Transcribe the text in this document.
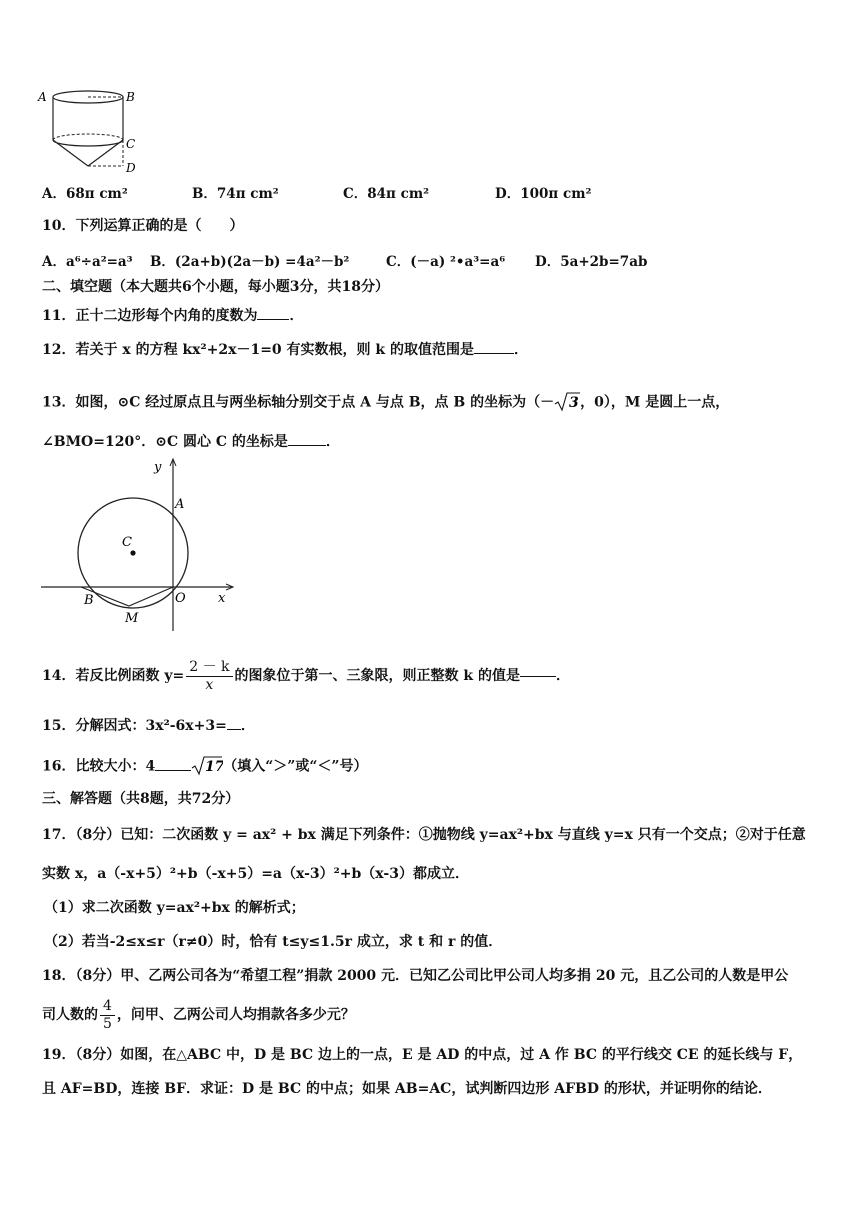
A	B
C
D
A．68π cm²	B．74π cm²	C．84π cm²	D．100π cm²
10．下列运算正确的是（　　）
A．a⁶÷a²=a³ B．(2a+b)(2a－b) =4a²－b²	C．(－a) ²•a³=a⁶ D．5a+2b=7ab
二、填空题（本大题共6个小题，每小题3分，共18分）
11．正十二边形每个内角的度数为 ．
12．若关于 x 的方程 kx²+2x－1=0 有实数根，则 k 的取值范围是	．
13．如图，⊙C 经过原点且与两坐标轴分别交于点 A 与点 B，点 B 的坐标为（－ 3 ，0），M 是圆上一点，
∠BMO=120°．⊙C 圆心 C 的坐标是	．
y
x
A
C
B	O
M
14．若反比例函数 $y= \frac{2 - k}{x}$ 的图象位于第一、三象限，则正整数 k 的值是	．
15．分解因式：3x²-6x+3= ．
16．比较大小：4	17
（填入“＞”或“＜”号）
三、解答题（共8题，共72分）
17．（8分）已知：二次函数 y = ax² + bx 满足下列条件：①抛物线 y=ax²+bx 与直线 y=x 只有一个交点；②对于任意
实数 x，a（-x+5）²+b（-x+5）=a（x-3）²+b（x-3）都成立．
（1）求二次函数 y=ax²+bx 的解析式；
（2）若当-2≤x≤r（r≠0）时，恰有 t≤y≤1.5r 成立，求 t 和 r 的值．
18．（8分）甲、乙两公司各为“希望工程”捐款 2000 元．已知乙公司比甲公司人均多捐 20 元，且乙公司的人数是甲公
司人数的 $\frac{4}{5}$ ，问甲、乙两公司人均捐款各多少元？
19．（8分）如图，在△ABC 中，D 是 BC 边上的一点，E 是 AD 的中点，过 A 作 BC 的平行线交 CE 的延长线与 F，
且 AF=BD，连接 BF．求证：D 是 BC 的中点；如果 AB=AC，试判断四边形 AFBD 的形状，并证明你的结论．
